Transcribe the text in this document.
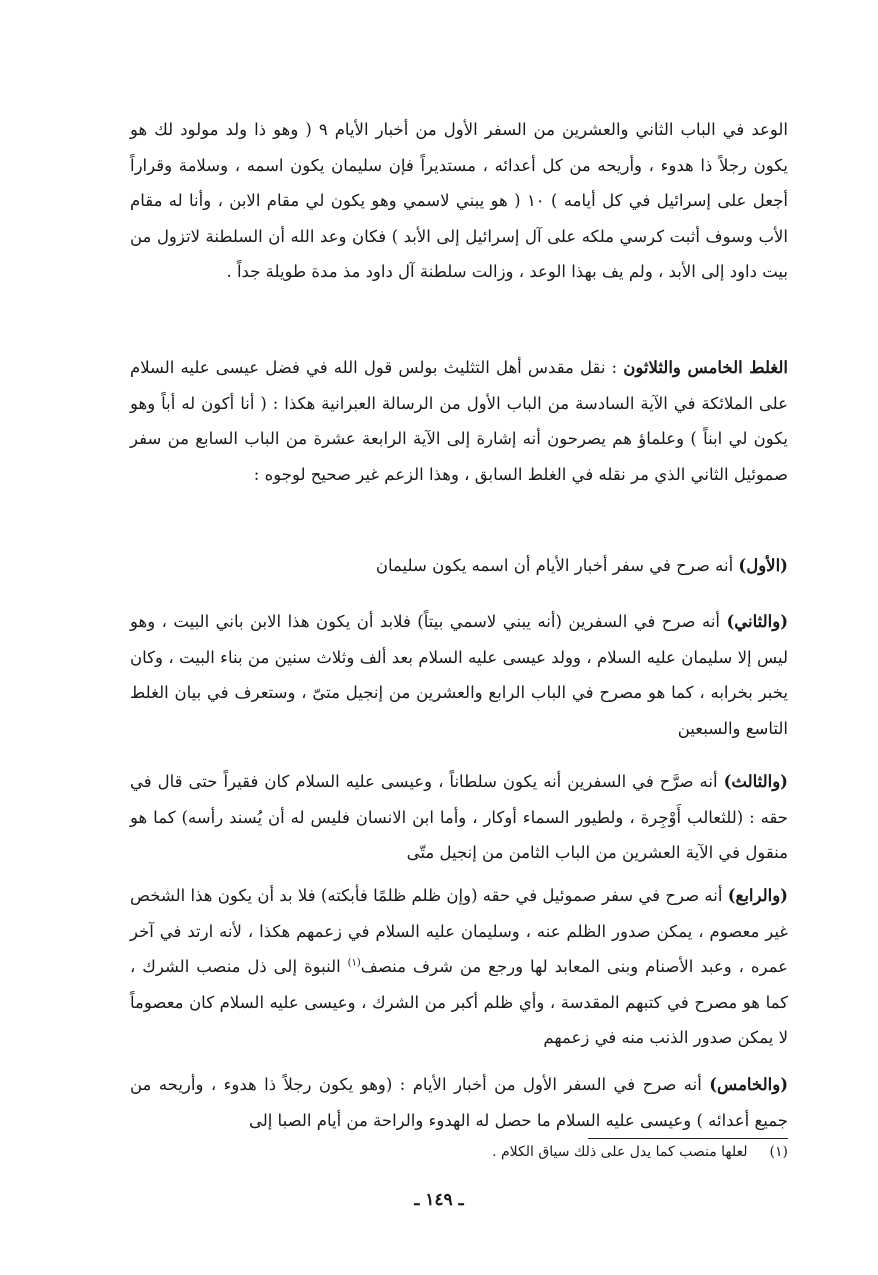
الوعد في الباب الثاني والعشرين من السفر الأول من أخبار الأيام ٩ ( وهو ذا ولد مولود لك هو يكون رجلاً ذا هدوء ، وأريحه من كل أعدائه ، مستديراً فإن سليمان يكون اسمه ، وسلامة وقراراً أجعل على إسرائيل في كل أيامه ) ١٠ ( هو يبني لاسمي وهو يكون لي مقام الابن ، وأنا له مقام الأب وسوف أثبت كرسي ملكه على آل إسرائيل إلى الأبد ) فكان وعد الله أن السلطنة لاتزول من بيت داود إلى الأبد ، ولم يف بهذا الوعد ، وزالت سلطنة آل داود مذ مدة طويلة جداً .

الغلط الخامس والثلاثون : نقل مقدس أهل التثليث بولس قول الله في فضل عيسى عليه السلام على الملائكة في الآية السادسة من الباب الأول من الرسالة العبرانية هكذا : ( أنا أكون له أباً وهو يكون لي ابناً ) وعلماؤ هم يصرحون أنه إشارة إلى الآية الرابعة عشرة من الباب السابع من سفر صموئيل الثاني الذي مر نقله في الغلط السابق ، وهذا الزعم غير صحيح لوجوه :

(الأول) أنه صرح في سفر أخبار الأيام أن اسمه يكون سليمان

(والثاني) أنه صرح في السفرين (أنه يبني لاسمي بيتاً) فلابد أن يكون هذا الابن باني البيت ، وهو ليس إلا سليمان عليه السلام ، وولد عيسى عليه السلام بعد ألف وثلاث سنين من بناء البيت ، وكان يخبر بخرابه ، كما هو مصرح في الباب الرابع والعشرين من إنجيل متىّ ، وستعرف في بيان الغلط التاسع والسبعين

(والثالث) أنه صرَّح في السفرين أنه يكون سلطاناً ، وعيسى عليه السلام كان فقيراً حتى قال في حقه : (للثعالب أَوْجِرة ، ولطيور السماء أوكار ، وأما ابن الانسان فليس له أن يُسند رأسه) كما هو منقول في الآية العشرين من الباب الثامن من إنجيل متّى

(والرابع) أنه صرح في سفر صموئيل في حقه (وإن ظلم ظلمًا فأبكته) فلا بد أن يكون هذا الشخص غير معصوم ، يمكن صدور الظلم عنه ، وسليمان عليه السلام في زعمهم هكذا ، لأنه ارتد في آخر عمره ، وعبد الأصنام وبنى المعابد لها ورجع من شرف منصف$^{(١)}$ النبوة إلى ذل منصب الشرك ، كما هو مصرح في كتبهم المقدسة ، وأي ظلم أكبر من الشرك ، وعيسى عليه السلام كان معصوماً لا يمكن صدور الذنب منه في زعمهم

(والخامس) أنه صرح في السفر الأول من أخبار الأيام : (وهو يكون رجلاً ذا هدوء ، وأريحه من جميع أعدائه ) وعيسى عليه السلام ما حصل له الهدوء والراحة من أيام الصبا إلى

(١)لعلها منصب كما يدل على ذلك سياق الكلام .
ـ ١٤٩ ـ
